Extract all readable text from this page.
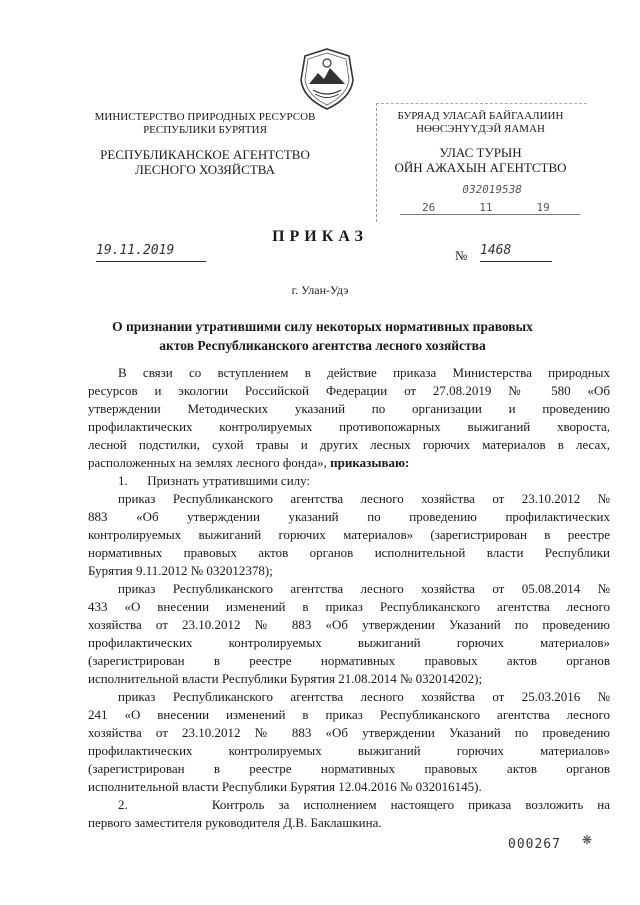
МИНИСТЕРСТВО ПРИРОДНЫХ РЕСУРСОВ
РЕСПУБЛИКИ БУРЯТИЯ
РЕСПУБЛИКАНСКОЕ АГЕНТСТВО
ЛЕСНОГО ХОЗЯЙСТВА
БУРЯАД УЛАСАЙ БАЙГААЛИИН
НӨӨСЭНҮҮДЭЙ ЯАМАН
УЛАС ТУРЫН
ОЙН АЖАХЫН АГЕНТСТВО
032019538
26	11	19
ПРИКАЗ
19.11.2019	№ 1468
г. Улан-Удэ
О признании утратившими силу некоторых нормативных правовых
актов Республиканского агентства лесного хозяйства
В связи со вступлением в действие приказа Министерства природных
ресурсов и экологии Российской Федерации от 27.08.2019 № 580 «Об
утверждении Методических указаний по организации и проведению
профилактических контролируемых противопожарных выжиганий хвороста,
лесной подстилки, сухой травы и других лесных горючих материалов в лесах,
расположенных на землях лесного фонда», приказываю:
1.      Признать утратившими силу:
приказ Республиканского агентства лесного хозяйства от 23.10.2012 №
883 «Об утверждении указаний по проведению профилактических
контролируемых выжиганий горючих материалов» (зарегистрирован в реестре
нормативных правовых актов органов исполнительной власти Республики
Бурятия 9.11.2012 № 032012378);
приказ Республиканского агентства лесного хозяйства от 05.08.2014 №
433 «О внесении изменений в приказ Республиканского агентства лесного
хозяйства от 23.10.2012 № 883 «Об утверждении Указаний по проведению
профилактических контролируемых выжиганий горючих материалов»
(зарегистрирован в реестре нормативных правовых актов органов
исполнительной власти Республики Бурятия 21.08.2014 № 032014202);
приказ Республиканского агентства лесного хозяйства от 25.03.2016 №
241 «О внесении изменений в приказ Республиканского агентства лесного
хозяйства от 23.10.2012 № 883 «Об утверждении Указаний по проведению
профилактических контролируемых выжиганий горючих материалов»
(зарегистрирован в реестре нормативных правовых актов органов
исполнительной власти Республики Бурятия 12.04.2016 № 032016145).
2.      Контроль за исполнением настоящего приказа возложить на
первого заместителя руководителя Д.В. Баклашкина.
000267 ❋
